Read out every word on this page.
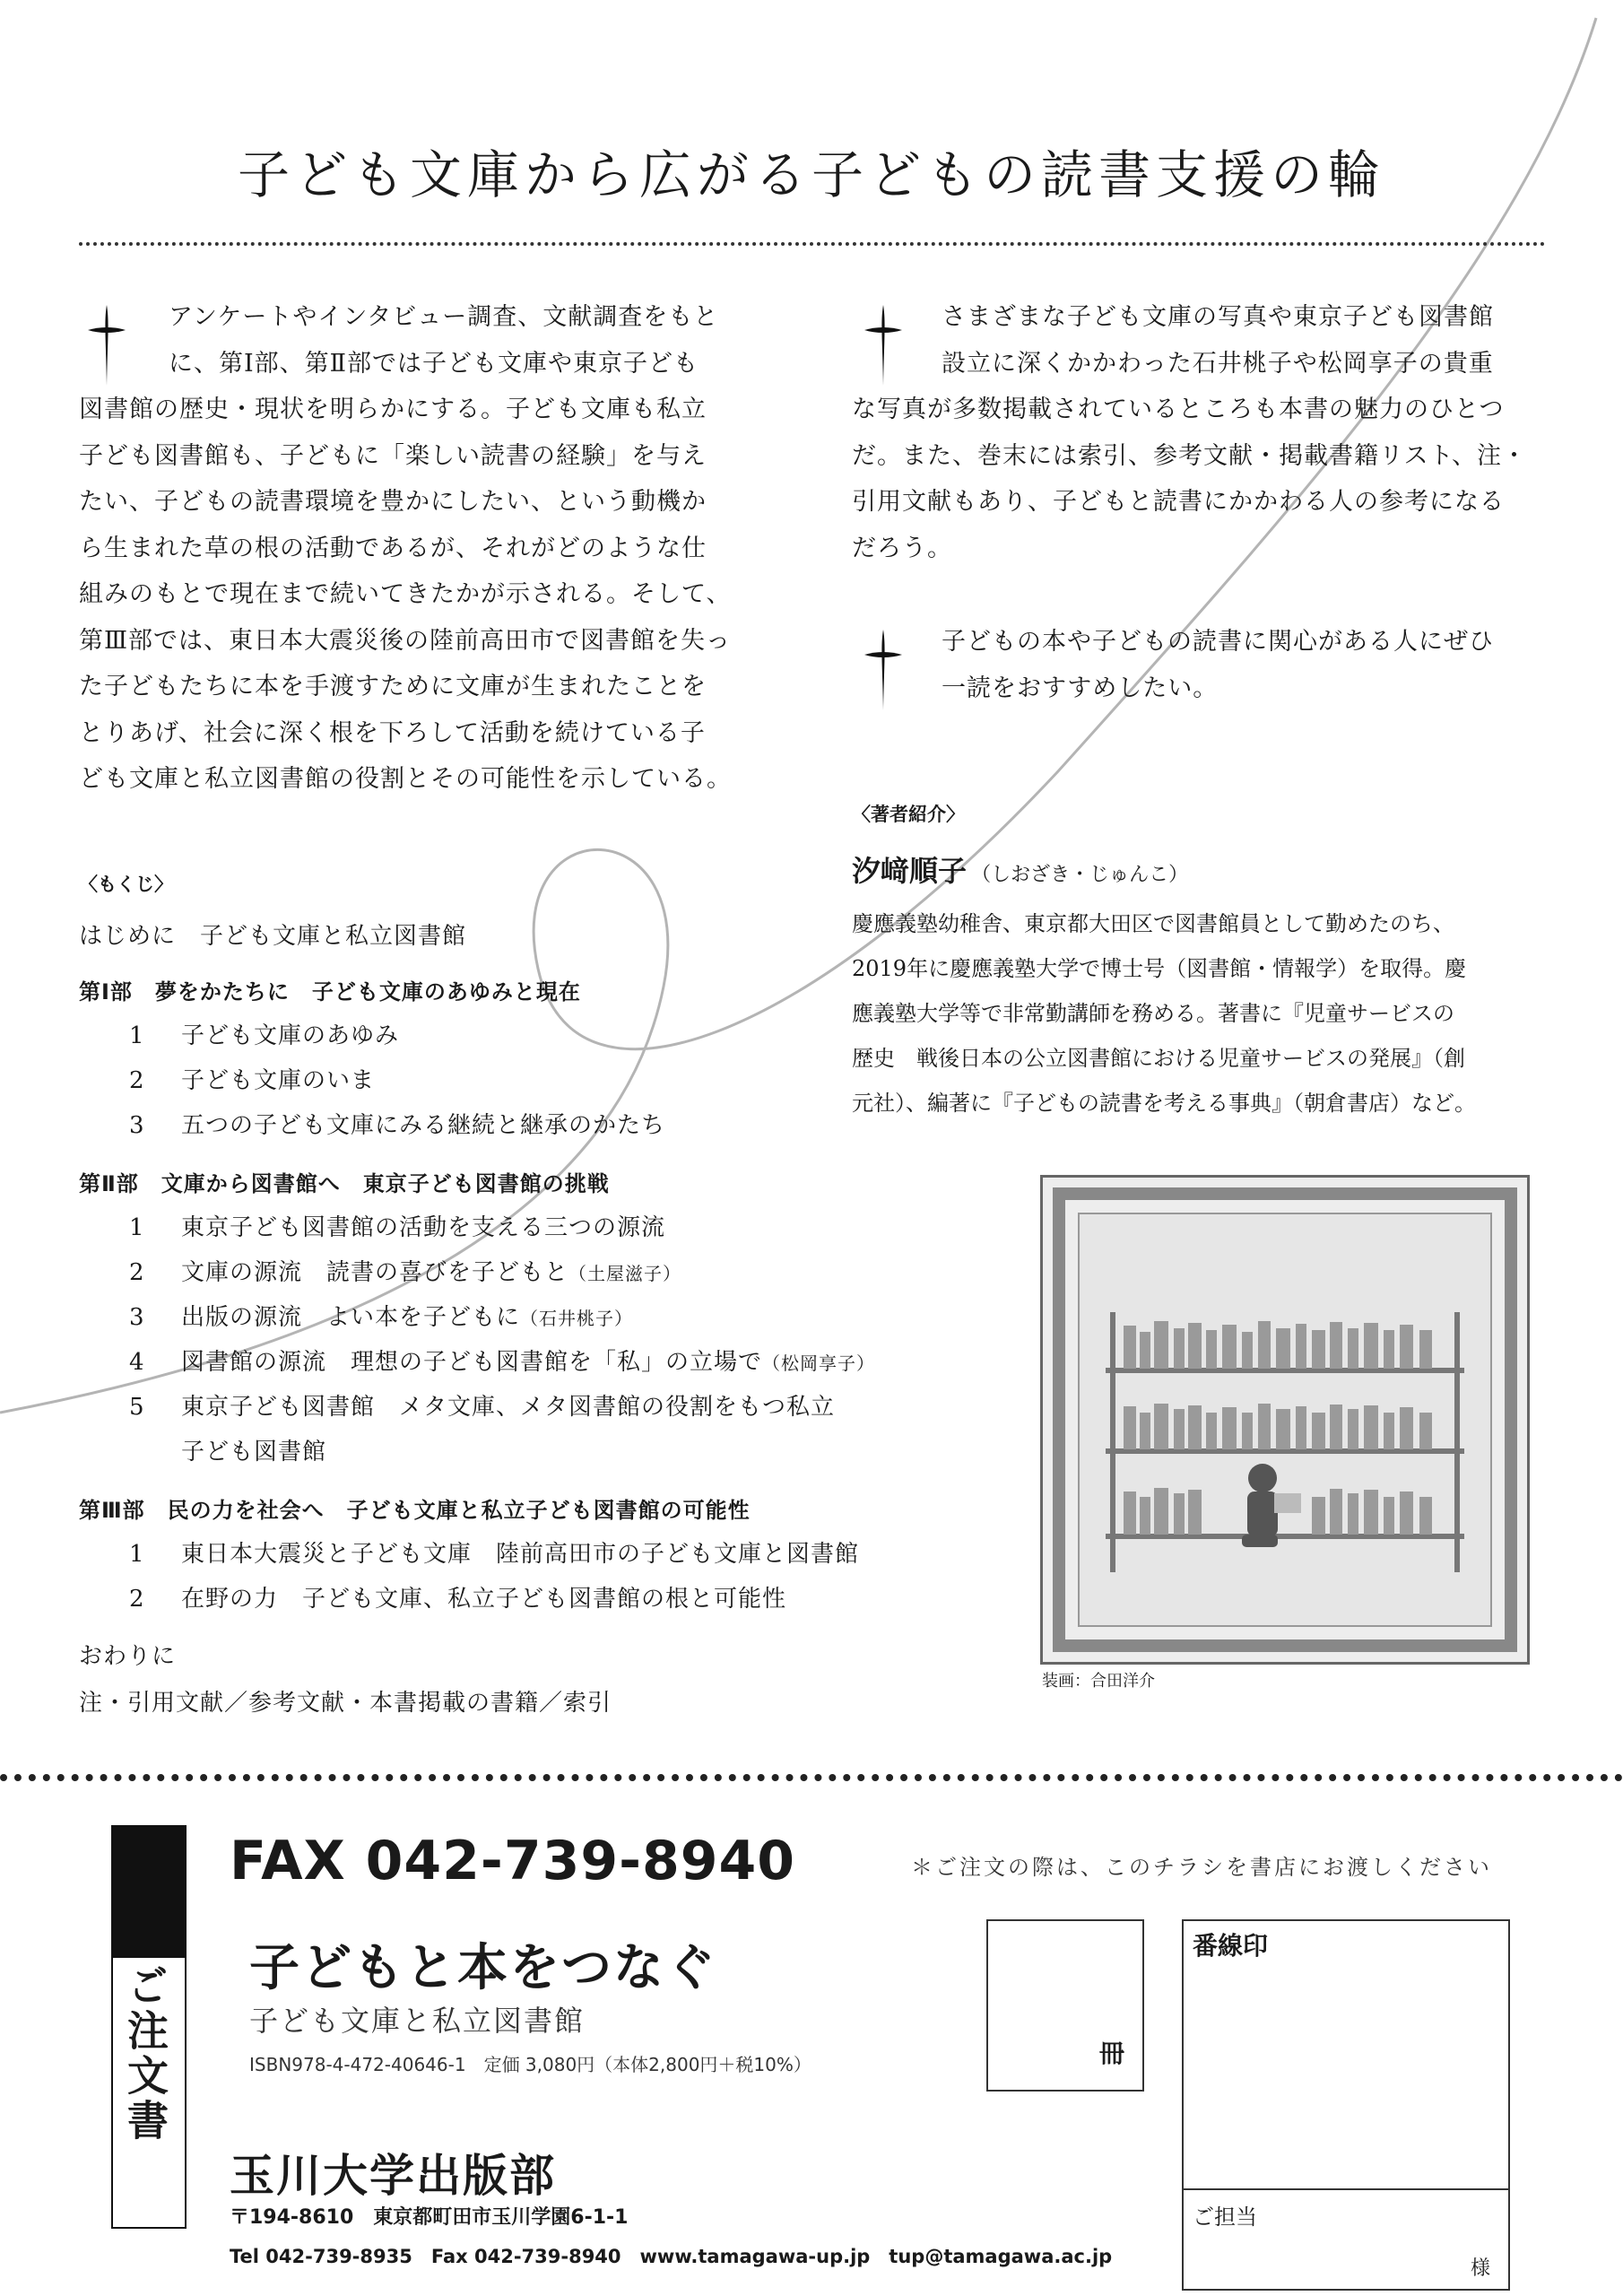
子ども文庫から広がる子どもの読書支援の輪
アンケートやインタビュー調査、文献調査をもと
に、第Ⅰ部、第Ⅱ部では子ども文庫や東京子ども
図書館の歴史・現状を明らかにする。子ども文庫も私立
子ども図書館も、子どもに「楽しい読書の経験」を与え
たい、子どもの読書環境を豊かにしたい、という動機か
ら生まれた草の根の活動であるが、それがどのような仕
組みのもとで現在まで続いてきたかが示される。そして、
第Ⅲ部では、東日本大震災後の陸前高田市で図書館を失っ
た子どもたちに本を手渡すために文庫が生まれたことを
とりあげ、社会に深く根を下ろして活動を続けている子
ども文庫と私立図書館の役割とその可能性を示している。
さまざまな子ども文庫の写真や東京子ども図書館
設立に深くかかわった石井桃子や松岡享子の貴重
な写真が多数掲載されているところも本書の魅力のひとつ
だ。また、巻末には索引、参考文献・掲載書籍リスト、注・
引用文献もあり、子どもと読書にかかわる人の参考になる
だろう。
子どもの本や子どもの読書に関心がある人にぜひ
一読をおすすめしたい。
〈著者紹介〉
汐﨑順子 （しおざき・じゅんこ）
慶應義塾幼稚舎、東京都大田区で図書館員として勤めたのち、
2019年に慶應義塾大学で博士号（図書館・情報学）を取得。慶
應義塾大学等で非常勤講師を務める。著書に『児童サービスの
歴史　戦後日本の公立図書館における児童サービスの発展』（創
元社）、編著に『子どもの読書を考える事典』（朝倉書店）など。
〈もくじ〉
はじめに　子ども文庫と私立図書館
第Ⅰ部　夢をかたちに　子ども文庫のあゆみと現在
1 子ども文庫のあゆみ
2 子ども文庫のいま
3 五つの子ども文庫にみる継続と継承のかたち
第Ⅱ部　文庫から図書館へ　東京子ども図書館の挑戦
1 東京子ども図書館の活動を支える三つの源流
2 文庫の源流　読書の喜びを子どもと（土屋滋子）
3 出版の源流　よい本を子どもに（石井桃子）
4 図書館の源流　理想の子ども図書館を「私」の立場で（松岡享子）
5 東京子ども図書館　メタ文庫、メタ図書館の役割をもつ私立
子ども図書館
第Ⅲ部　民の力を社会へ　子ども文庫と私立子ども図書館の可能性
1 東日本大震災と子ども文庫　陸前高田市の子ども文庫と図書館
2 在野の力　子ども文庫、私立子ども図書館の根と可能性
おわりに
注・引用文献／参考文献・本書掲載の書籍／索引
装画：合田洋介
ご注文書
FAX 042-739-8940	＊ご注文の際は、このチラシを書店にお渡しください
子どもと本をつなぐ
子ども文庫と私立図書館
ISBN978-4-472-40646-1　定価 3,080円（本体2,800円＋税10%）	冊
番線印
ご担当
様
玉川大学出版部
〒194-8610　東京都町田市玉川学園6-1-1
Tel 042-739-8935　Fax 042-739-8940　www.tamagawa-up.jp　tup@tamagawa.ac.jp
